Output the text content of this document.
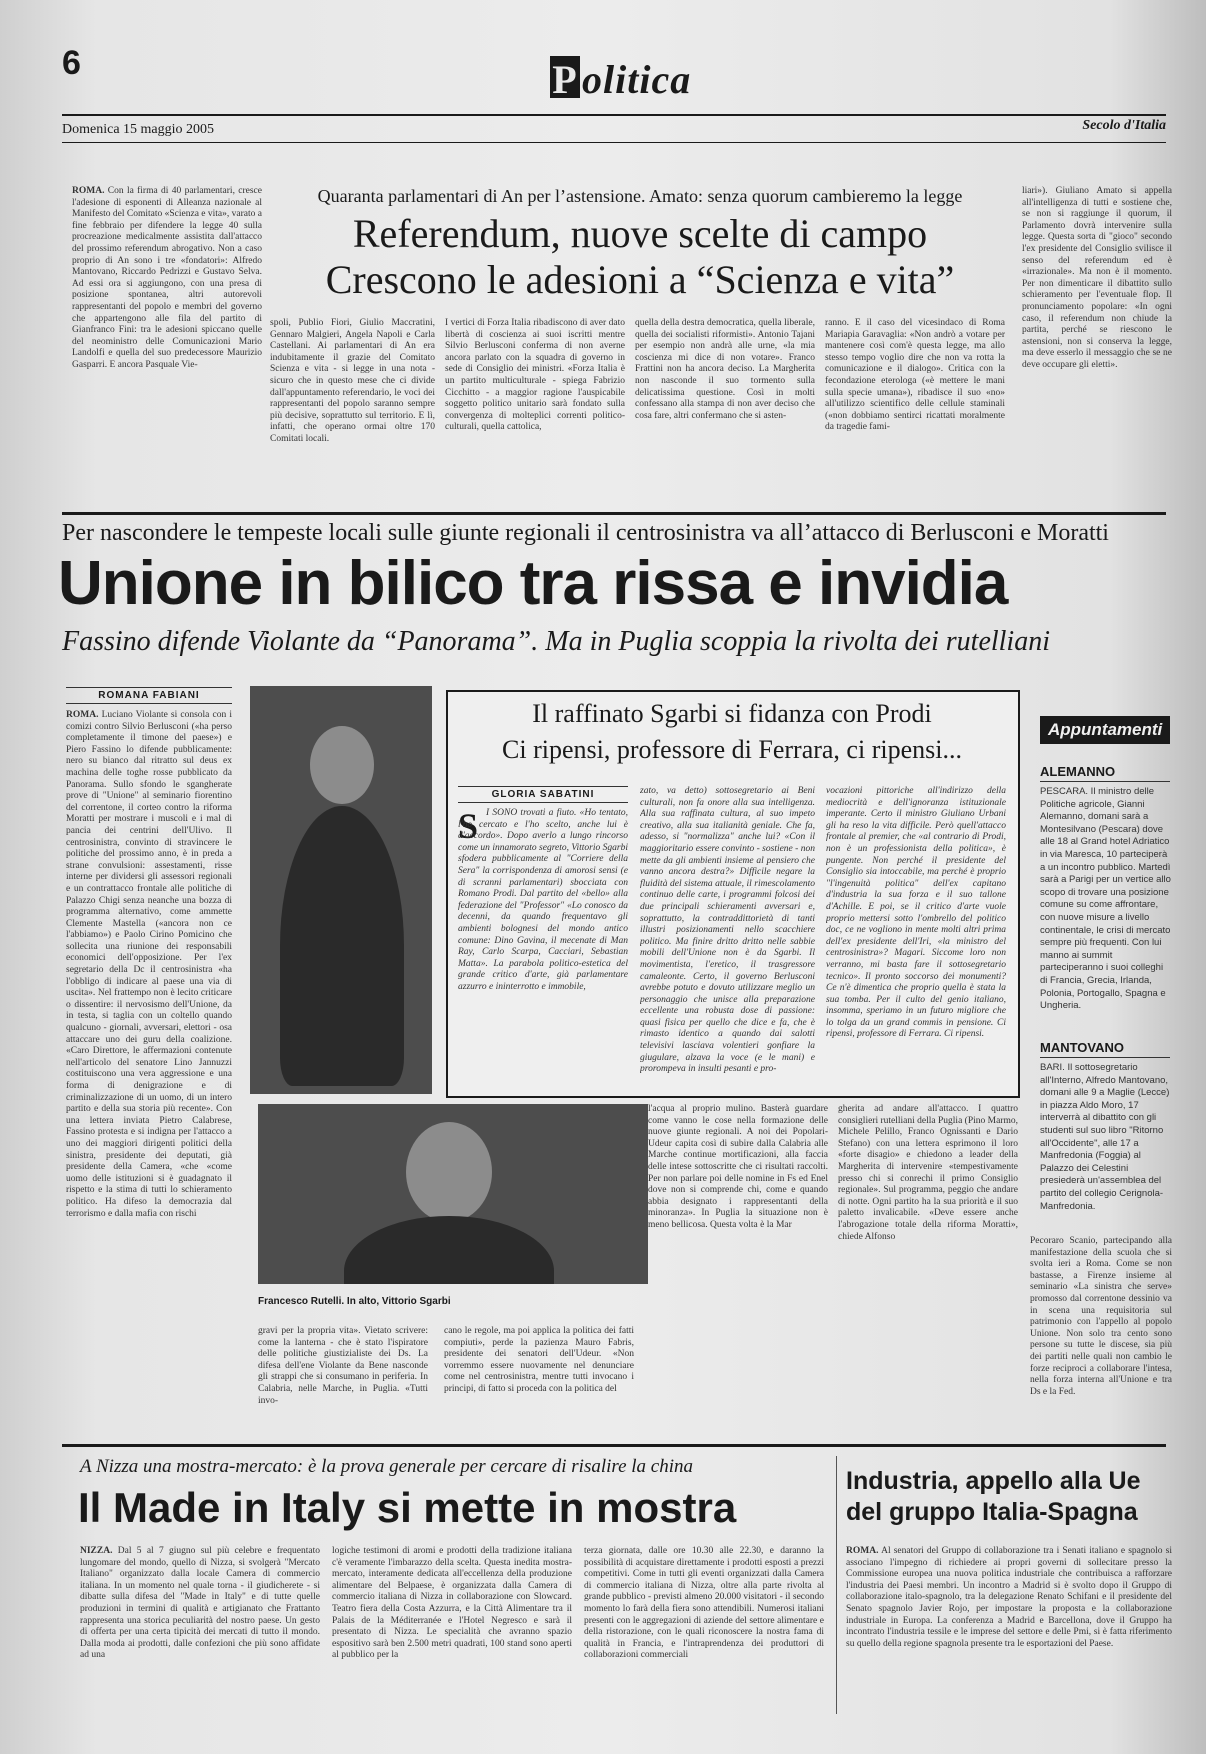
6	P olitica
Domenica 15 maggio 2005	Secolo d'Italia
ROMA. Con la firma di 40 parlamentari, cresce l'adesione di esponenti di Alleanza nazionale al Manifesto del Comitato «Scienza e vita», varato a fine febbraio per difendere la legge 40 sulla procreazione medicalmente assistita dall'attacco del prossimo referendum abrogativo. Non a caso proprio di An sono i tre «fondatori»: Alfredo Mantovano, Riccardo Pedrizzi e Gustavo Selva. Ad essi ora si aggiungono, con una presa di posizione spontanea, altri autorevoli rappresentanti del popolo e membri del governo che appartengono alle fila del partito di Gianfranco Fini: tra le adesioni spiccano quelle del neoministro delle Comunicazioni Mario Landolfi e quella del suo predecessore Maurizio Gasparri. E ancora Pasquale Vie-
Quaranta parlamentari di An per l’astensione. Amato: senza quorum cambieremo la legge
Referendum, nuove scelte di campo
Crescono le adesioni a “Scienza e vita”
spoli, Publio Fiori, Giulio Maccratini, Gennaro Malgieri, Angela Napoli e Carla Castellani. Ai parlamentari di An era indubitamente il grazie del Comitato Scienza e vita - si legge in una nota - sicuro che in questo mese che ci divide dall'appuntamento referendario, le voci dei rappresentanti del popolo saranno sempre più decisive, soprattutto sul territorio. E lì, infatti, che operano ormai oltre 170 Comitati locali.
I vertici di Forza Italia ribadiscono di aver dato libertà di coscienza ai suoi iscritti mentre Silvio Berlusconi conferma di non averne ancora parlato con la squadra di governo in sede di Consiglio dei ministri. «Forza Italia è un partito multiculturale - spiega Fabrizio Cicchitto - a maggior ragione l'auspicabile soggetto politico unitario sarà fondato sulla convergenza di molteplici correnti politico-culturali, quella cattolica,
quella della destra democratica, quella liberale, quella dei socialisti riformisti». Antonio Tajani per esempio non andrà alle urne, «la mia coscienza mi dice di non votare». Franco Frattini non ha ancora deciso. La Margherita non nasconde il suo tormento sulla delicatissima questione. Così in molti confessano alla stampa di non aver deciso che cosa fare, altri confermano che si asten-
ranno. E il caso del vicesindaco di Roma Mariapia Garavaglia: «Non andrò a votare per mantenere così com'è questa legge, ma allo stesso tempo voglio dire che non va rotta la comunicazione e il dialogo». Critica con la fecondazione eterologa («è mettere le mani sulla specie umana»), ribadisce il suo «no» all'utilizzo scientifico delle cellule staminali («non dobbiamo sentirci ricattati moralmente da tragedie fami-
liari»). Giuliano Amato si appella all'intelligenza di tutti e sostiene che, se non si raggiunge il quorum, il Parlamento dovrà intervenire sulla legge. Questa sorta di "gioco" secondo l'ex presidente del Consiglio svilisce il senso del referendum ed è «irrazionale». Ma non è il momento. Per non dimenticare il dibattito sullo schieramento per l'eventuale flop. Il pronunciamento popolare: «In ogni caso, il referendum non chiude la partita, perché se riescono le astensioni, non si conserva la legge, ma deve esserlo il messaggio che se ne deve occupare gli eletti».
Per nascondere le tempeste locali sulle giunte regionali il centrosinistra va all’attacco di Berlusconi e Moratti
Unione in bilico tra rissa e invidia
Fassino difende Violante da “Panorama”. Ma in Puglia scoppia la rivolta dei rutelliani
ROMANA FABIANI
ROMA. Luciano Violante si consola con i comizi contro Silvio Berlusconi («ha perso completamente il timone del paese») e Piero Fassino lo difende pubblicamente: nero su bianco dal ritratto sul deus ex machina delle toghe rosse pubblicato da Panorama. Sullo sfondo le sgangherate prove di "Unione" al seminario fiorentino del correntone, il corteo contro la riforma Moratti per mostrare i muscoli e i mal di pancia dei centrini dell'Ulivo. Il centrosinistra, convinto di stravincere le politiche del prossimo anno, è in preda a strane convulsioni: assestamenti, risse interne per dividersi gli assessori regionali e un contrattacco frontale alle politiche di Palazzo Chigi senza neanche una bozza di programma alternativo, come ammette Clemente Mastella («ancora non ce l'abbiamo») e Paolo Cirino Pomicino che sollecita una riunione dei responsabili economici dell'opposizione. Per l'ex segretario della Dc il centrosinistra «ha l'obbligo di indicare al paese una via di uscita». Nel frattempo non è lecito criticare o dissentire: il nervosismo dell'Unione, da in testa, si taglia con un coltello quando qualcuno - giornali, avversari, elettori - osa attaccare uno dei guru della coalizione. «Caro Direttore, le affermazioni contenute nell'articolo del senatore Lino Jannuzzi costituiscono una vera aggressione e una forma di denigrazione e di criminalizzazione di un uomo, di un intero partito e della sua storia più recente». Con una lettera inviata Pietro Calabrese, Fassino protesta e si indigna per l'attacco a uno dei maggiori dirigenti politici della sinistra, presidente dei deputati, già presidente della Camera, «che «come uomo delle istituzioni si è guadagnato il rispetto e la stima di tutti lo schieramento politico. Ha difeso la democrazia dal terrorismo e dalla mafia con rischi
Francesco Rutelli. In alto, Vittorio Sgarbi
Il raffinato Sgarbi si fidanza con Prodi
Ci ripensi, professore di Ferrara, ci ripensi...
GLORIA SABATINI
S I SONO trovati a fiuto. «Ho tentato, l'ho cercato e l'ho scelto, anche lui è d'accordo». Dopo averlo a lungo rincorso come un innamorato segreto, Vittorio Sgarbi sfodera pubblicamente al "Corriere della Sera" la corrispondenza di amorosi sensi (e di scranni parlamentari) sbocciata con Romano Prodi. Dal partito del «bello» alla federazione del "Professor" «Lo conosco da decenni, da quando frequentavo gli ambienti bolognesi del mondo antico comune: Dino Gavina, il mecenate di Man Ray, Carlo Scarpa, Cacciari, Sebastian Matta». La parabola politico-estetica del grande critico d'arte, già parlamentare azzurro e ininterrotto e immobile,
zato, va detto) sottosegretario ai Beni culturali, non fa onore alla sua intelligenza. Alla sua raffinata cultura, al suo impeto creativo, alla sua italianità geniale. Che fa, adesso, si "normalizza" anche lui? «Con il maggioritario essere convinto - sostiene - non mette da gli ambienti insieme al pensiero che vanno ancora destra?» Difficile negare la fluidità del sistema attuale, il rimescolamento continuo delle carte, i programmi folcosi dei due principali schieramenti avversari e, soprattutto, la contraddittorietà di tanti illustri posizionamenti nello scacchiere politico. Ma finire dritto dritto nelle sabbie mobili dell'Unione non è da Sgarbi. Il movimentista, l'eretico, il trasgressore camaleonte. Certo, il governo Berlusconi avrebbe potuto e dovuto utilizzare meglio un personaggio che unisce alla preparazione eccellente una robusta dose di passione: quasi fisica per quello che dice e fa, che è rimasto identico a quando dai salotti televisivi lasciava volentieri gonfiare la giugulare, alzava la voce (e le mani) e prorompeva in insulti pesanti e pro-
vocazioni pittoriche all'indirizzo della mediocrità e dell'ignoranza istituzionale imperante. Certo il ministro Giuliano Urbani gli ha reso la vita difficile. Però quell'attacco frontale al premier, che «al contrario di Prodi, non è un professionista della politica», è pungente. Non perché il presidente del Consiglio sia intoccabile, ma perché è proprio "l'ingenuità politica" dell'ex capitano d'industria la sua forza e il suo tallone d'Achille. E poi, se il critico d'arte vuole proprio mettersi sotto l'ombrello del politico doc, ce ne vogliono in mente molti altri prima dell'ex presidente dell'Iri, «la ministro del centrosinistra»? Magari. Siccome loro non verranno, mi basta fare il sottosegretario tecnico». Il pronto soccorso dei monumenti? Ce n'è dimentica che proprio quella è stata la sua tomba. Per il culto del genio italiano, insomma, speriamo in un futuro migliore che lo tolga da un grand commis in pensione. Ci ripensi, professore di Ferrara. Ci ripensi.
Appuntamenti
ALEMANNO
PESCARA. Il ministro delle Politiche agricole, Gianni Alemanno, domani sarà a Montesilvano (Pescara) dove alle 18 al Grand hotel Adriatico in via Maresca, 10 parteciperà a un incontro pubblico. Martedì sarà a Parigi per un vertice allo scopo di trovare una posizione comune su come affrontare, con nuove misure a livello continentale, le crisi di mercato sempre più frequenti. Con lui manno ai summit parteciperanno i suoi colleghi di Francia, Grecia, Irlanda, Polonia, Portogallo, Spagna e Ungheria.
MANTOVANO
BARI. Il sottosegretario all'Interno, Alfredo Mantovano, domani alle 9 a Maglie (Lecce) in piazza Aldo Moro, 17 interverrà al dibattito con gli studenti sul suo libro "Ritorno all'Occidente", alle 17 a Manfredonia (Foggia) al Palazzo dei Celestini presiederà un'assemblea del partito del collegio Cerignola-Manfredonia.
gravi per la propria vita». Vietato scrivere: come la lanterna - che è stato l'ispiratore delle politiche giustizialiste dei Ds. La difesa dell'ene Violante da Bene nasconde gli strappi che si consumano in periferia. In Calabria, nelle Marche, in Puglia. «Tutti invo-
cano le regole, ma poi applica la politica dei fatti compiuti», perde la pazienza Mauro Fabris, presidente dei senatori dell'Udeur. «Non vorremmo essere nuovamente nel denunciare come nel centrosinistra, mentre tutti invocano i principi, di fatto si proceda con la politica del
l'acqua al proprio mulino. Basterà guardare come vanno le cose nella formazione delle nuove giunte regionali. A noi dei Popolari-Udeur capita così di subire dalla Calabria alle Marche continue mortificazioni, alla faccia delle intese sottoscritte che ci risultati raccolti. Per non parlare poi delle nomine in Fs ed Enel dove non si comprende chi, come e quando abbia designato i rappresentanti della minoranza». In Puglia la situazione non è meno bellicosa. Questa volta è la Mar
gherita ad andare all'attacco. I quattro consiglieri rutelliani della Puglia (Pino Marmo, Michele Pelillo, Franco Ognissanti e Dario Stefano) con una lettera esprimono il loro «forte disagio» e chiedono a leader della Margherita di intervenire «tempestivamente presso chi si conrechi il primo Consiglio regionale». Sul programma, peggio che andare di notte. Ogni partito ha la sua priorità e il suo paletto invalicabile. «Deve essere anche l'abrogazione totale della riforma Moratti», chiede Alfonso	Pecoraro Scanio, partecipando alla manifestazione della scuola che si svolta ieri a Roma. Come se non bastasse, a Firenze insieme al seminario «La sinistra che serve» promosso dal correntone dessinio va in scena una requisitoria sul patrimonio con l'appello al popolo Unione. Non solo tra cento sono persone su tutte le discese, sia più dei partiti nelle quali non cambio le forze reciproci a collaborare l'intesa, nella forza interna all'Unione e tra Ds e la Fed.
A Nizza una mostra-mercato: è la prova generale per cercare di risalire la china
Il Made in Italy si mette in mostra
NIZZA. Dal 5 al 7 giugno sul più celebre e frequentato lungomare del mondo, quello di Nizza, si svolgerà "Mercato Italiano" organizzato dalla locale Camera di commercio italiana. In un momento nel quale torna - il giudicherete - si dibatte sulla difesa del "Made in Italy" e di tutte quelle produzioni in termini di qualità e artigianato che Frattanto rappresenta una storica peculiarità del nostro paese. Un gesto di offerta per una certa tipicità dei mercati di tutto il mondo. Dalla moda ai prodotti, dalle confezioni che più sono affidate ad una
logiche testimoni di aromi e prodotti della tradizione italiana c'è veramente l'imbarazzo della scelta. Questa inedita mostra-mercato, interamente dedicata all'eccellenza della produzione alimentare del Belpaese, è organizzata dalla Camera di commercio italiana di Nizza in collaborazione con Slowcard. Teatro fiera della Costa Azzurra, e la Città Alimentare tra il Palais de la Méditerranée e l'Hotel Negresco e sarà il presentato di Nizza. Le specialità che avranno spazio espositivo sarà ben 2.500 metri quadrati, 100 stand sono aperti al pubblico per la
terza giornata, dalle ore 10.30 alle 22.30, e daranno la possibilità di acquistare direttamente i prodotti esposti a prezzi competitivi. Come in tutti gli eventi organizzati dalla Camera di commercio italiana di Nizza, oltre alla parte rivolta al grande pubblico - previsti almeno 20.000 visitatori - il secondo momento lo farà della fiera sono attendibili. Numerosi italiani presenti con le aggregazioni di aziende del settore alimentare e della ristorazione, con le quali riconoscere la nostra fama di qualità in Francia, e l'intraprendenza dei produttori di collaborazioni commerciali
Industria, appello alla Ue del gruppo Italia-Spagna
ROMA. Al senatori del Gruppo di collaborazione tra i Senati italiano e spagnolo si associano l'impegno di richiedere ai propri governi di sollecitare presso la Commissione europea una nuova politica industriale che contribuisca a rafforzare l'industria dei Paesi membri. Un incontro a Madrid si è svolto dopo il Gruppo di collaborazione italo-spagnolo, tra la delegazione Renato Schifani e il presidente del Senato spagnolo Javier Rojo, per impostare la proposta e la collaborazione industriale in Europa. La conferenza a Madrid e Barcellona, dove il Gruppo ha incontrato l'industria tessile e le imprese del settore e delle Pmi, si è fatta riferimento su quello della regione spagnola presente tra le esportazioni del Paese.
